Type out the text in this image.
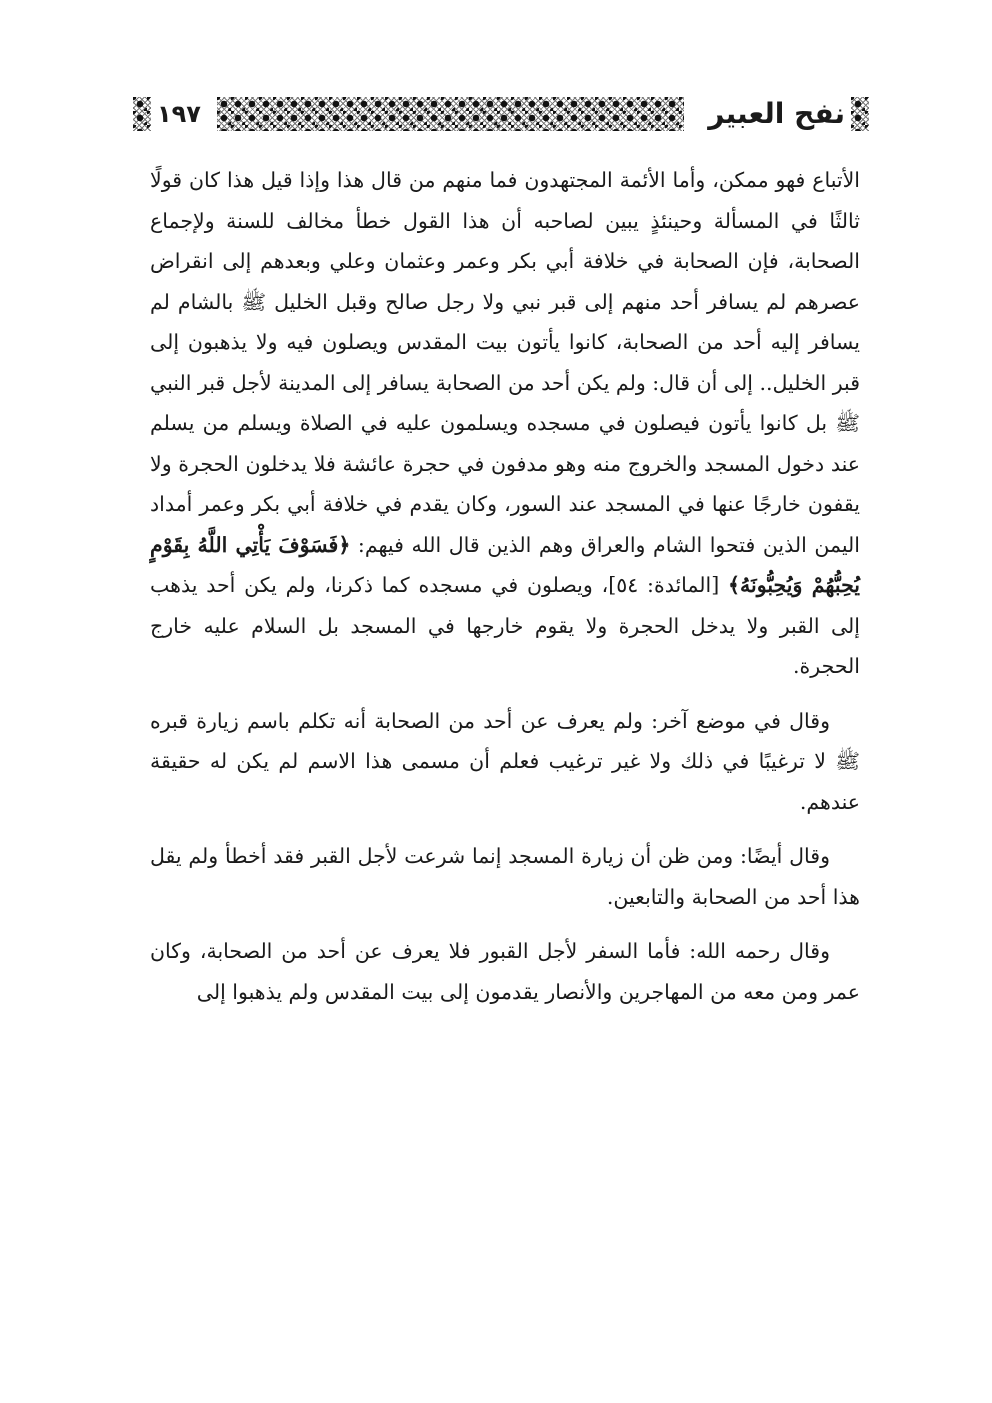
نفح العبير
١٩٧

الأتباع فهو ممكن، وأما الأئمة المجتهدون فما منهم من قال هذا وإذا قيل هذا كان قولًا ثالثًا في المسألة وحينئذٍ يبين لصاحبه أن هذا القول خطأ مخالف للسنة ولإجماع الصحابة، فإن الصحابة في خلافة أبي بكر وعمر وعثمان وعلي وبعدهم إلى انقراض عصرهم لم يسافر أحد منهم إلى قبر نبي ولا رجل صالح وقبل الخليل ﷺ بالشام لم يسافر إليه أحد من الصحابة، كانوا يأتون بيت المقدس ويصلون فيه ولا يذهبون إلى قبر الخليل.. إلى أن قال: ولم يكن أحد من الصحابة يسافر إلى المدينة لأجل قبر النبي ﷺ بل كانوا يأتون فيصلون في مسجده ويسلمون عليه في الصلاة ويسلم من يسلم عند دخول المسجد والخروج منه وهو مدفون في حجرة عائشة فلا يدخلون الحجرة ولا يقفون خارجًا عنها في المسجد عند السور، وكان يقدم في خلافة أبي بكر وعمر أمداد اليمن الذين فتحوا الشام والعراق وهم الذين قال الله فيهم: ﴿فَسَوْفَ يَأْتِي اللَّهُ بِقَوْمٍ يُحِبُّهُمْ وَيُحِبُّونَهُ﴾ [المائدة: ٥٤]، ويصلون في مسجده كما ذكرنا، ولم يكن أحد يذهب إلى القبر ولا يدخل الحجرة ولا يقوم خارجها في المسجد بل السلام عليه خارج الحجرة.

وقال في موضع آخر: ولم يعرف عن أحد من الصحابة أنه تكلم باسم زيارة قبره ﷺ لا ترغيبًا في ذلك ولا غير ترغيب فعلم أن مسمى هذا الاسم لم يكن له حقيقة عندهم.

وقال أيضًا: ومن ظن أن زيارة المسجد إنما شرعت لأجل القبر فقد أخطأ ولم يقل هذا أحد من الصحابة والتابعين.

وقال رحمه الله: فأما السفر لأجل القبور فلا يعرف عن أحد من الصحابة، وكان عمر ومن معه من المهاجرين والأنصار يقدمون إلى بيت المقدس ولم يذهبوا إلى
